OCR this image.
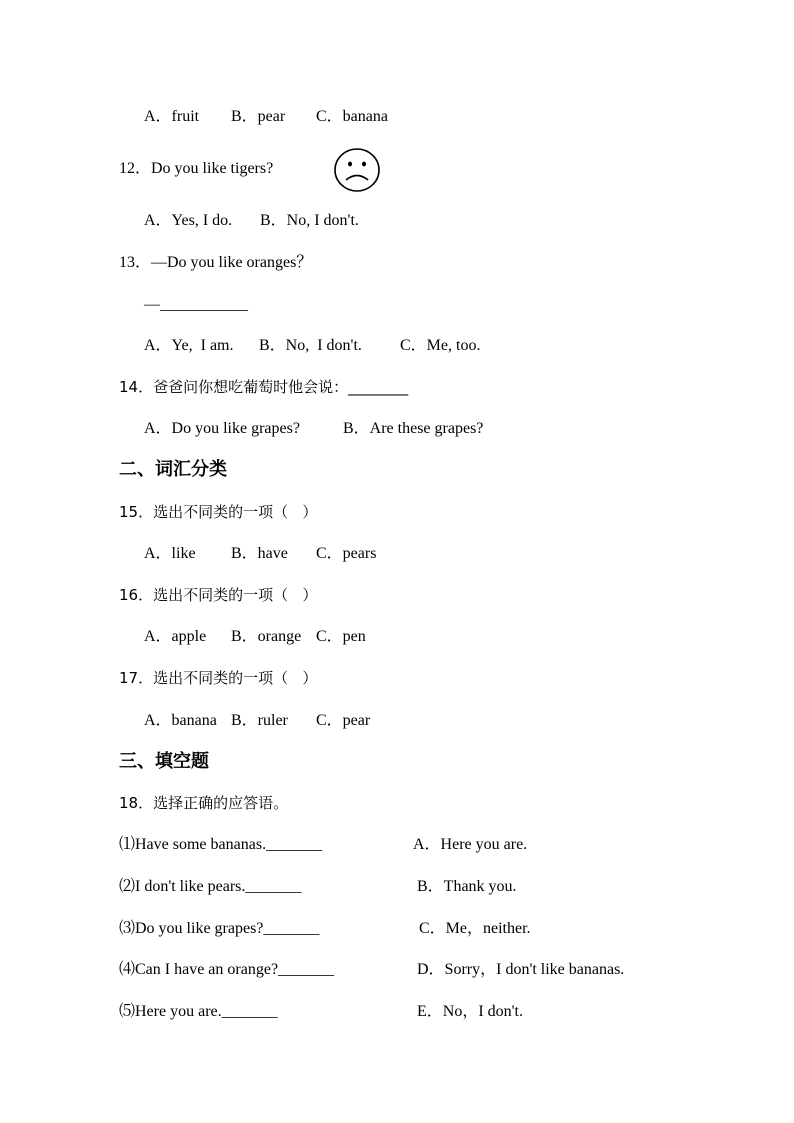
A．fruit B．pear C．banana
12．Do you like tigers?
A．Yes, I do. B．No, I don't.
13．—Do you like oranges？
—___________
A．Ye,  I am. B．No,  I don't. C．Me, too.
14．爸爸问你想吃葡萄时他会说：________
A．Do you like grapes?	B．Are these grapes?
二、词汇分类
15．选出不同类的一项（   ）
A．like B．have C．pears
16．选出不同类的一项（   ）
A．apple B．orange C．pen
17．选出不同类的一项（   ）
A．banana B．ruler C．pear
三、填空题
18．选择正确的应答语。
⑴Have some bananas._______
⑵I don't like pears._______
⑶Do you like grapes?_______
⑷Can I have an orange?_______
⑸Here you are._______
A．Here you are.
B．Thank you.
C．Me，neither.
D．Sorry，I don't like bananas.
E．No，I don't.
